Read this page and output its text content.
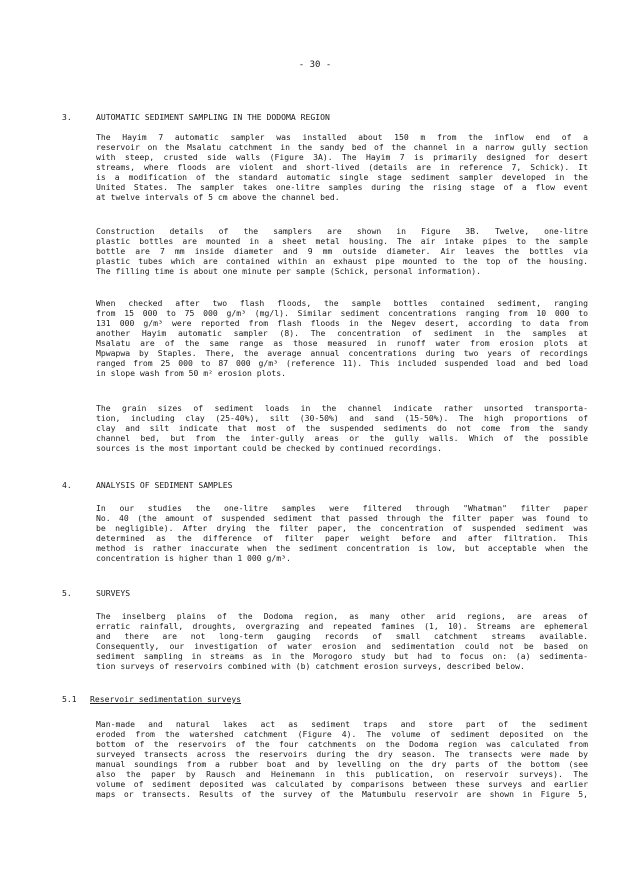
- 30 -
3.	AUTOMATIC SEDIMENT SAMPLING IN THE DODOMA REGION
The Hayim 7 automatic sampler was installed about 150 m from the inflow end of a
reservoir on the Msalatu catchment in the sandy bed of the channel in a narrow gully section
with steep, crusted side walls (Figure 3A). The Hayim 7 is primarily designed for desert
streams, where floods are violent and short-lived (details are in reference 7, Schick). It
is a modification of the standard automatic single stage sediment sampler developed in the
United States. The sampler takes one-litre samples during the rising stage of a flow event
at twelve intervals of 5 cm above the channel bed.
Construction details of the samplers are shown in Figure 3B. Twelve, one-litre
plastic bottles are mounted in a sheet metal housing. The air intake pipes to the sample
bottle are 7 mm inside diameter and 9 mm outside diameter. Air leaves the bottles via
plastic tubes which are contained within an exhaust pipe mounted to the top of the housing.
The filling time is about one minute per sample (Schick, personal information).
When checked after two flash floods, the sample bottles contained sediment, ranging
from 15 000 to 75 000 g/m³ (mg/l). Similar sediment concentrations ranging from 10 000 to
131 000 g/m³ were reported from flash floods in the Negev desert, according to data from
another Hayim automatic sampler (8). The concentration of sediment in the samples at
Msalatu are of the same range as those measured in runoff water from erosion plots at
Mpwapwa by Staples. There, the average annual concentrations during two years of recordings
ranged from 25 000 to 87 000 g/m³ (reference 11). This included suspended load and bed load
in slope wash from 50 m² erosion plots.
The grain sizes of sediment loads in the channel indicate rather unsorted transporta-
tion, including clay (25-40%), silt (30-50%) and sand (15-50%). The high proportions of
clay and silt indicate that most of the suspended sediments do not come from the sandy
channel bed, but from the inter-gully areas or the gully walls. Which of the possible
sources is the most important could be checked by continued recordings.
4.	ANALYSIS OF SEDIMENT SAMPLES
In our studies the one-litre samples were filtered through "Whatman" filter paper
No. 40 (the amount of suspended sediment that passed through the filter paper was found to
be negligible). After drying the filter paper, the concentration of suspended sediment was
determined as the difference of filter paper weight before and after filtration. This
method is rather inaccurate when the sediment concentration is low, but acceptable when the
concentration is higher than 1 000 g/m³.
5.	SURVEYS
The inselberg plains of the Dodoma region, as many other arid regions, are areas of
erratic rainfall, droughts, overgrazing and repeated famines (1, 10). Streams are ephemeral
and there are not long-term gauging records of small catchment streams available.
Consequently, our investigation of water erosion and sedimentation could not be based on
sediment sampling in streams as in the Morogoro study but had to focus on: (a) sedimenta-
tion surveys of reservoirs combined with (b) catchment erosion surveys, described below.
5.1 Reservoir sedimentation surveys
Man-made and natural lakes act as sediment traps and store part of the sediment
eroded from the watershed catchment (Figure 4). The volume of sediment deposited on the
bottom of the reservoirs of the four catchments on the Dodoma region was calculated from
surveyed transects across the reservoirs during the dry season. The transects were made by
manual soundings from a rubber boat and by levelling on the dry parts of the bottom (see
also the paper by Rausch and Heinemann in this publication, on reservoir surveys). The
volume of sediment deposited was calculated by comparisons between these surveys and earlier
maps or transects. Results of the survey of the Matumbulu reservoir are shown in Figure 5,
